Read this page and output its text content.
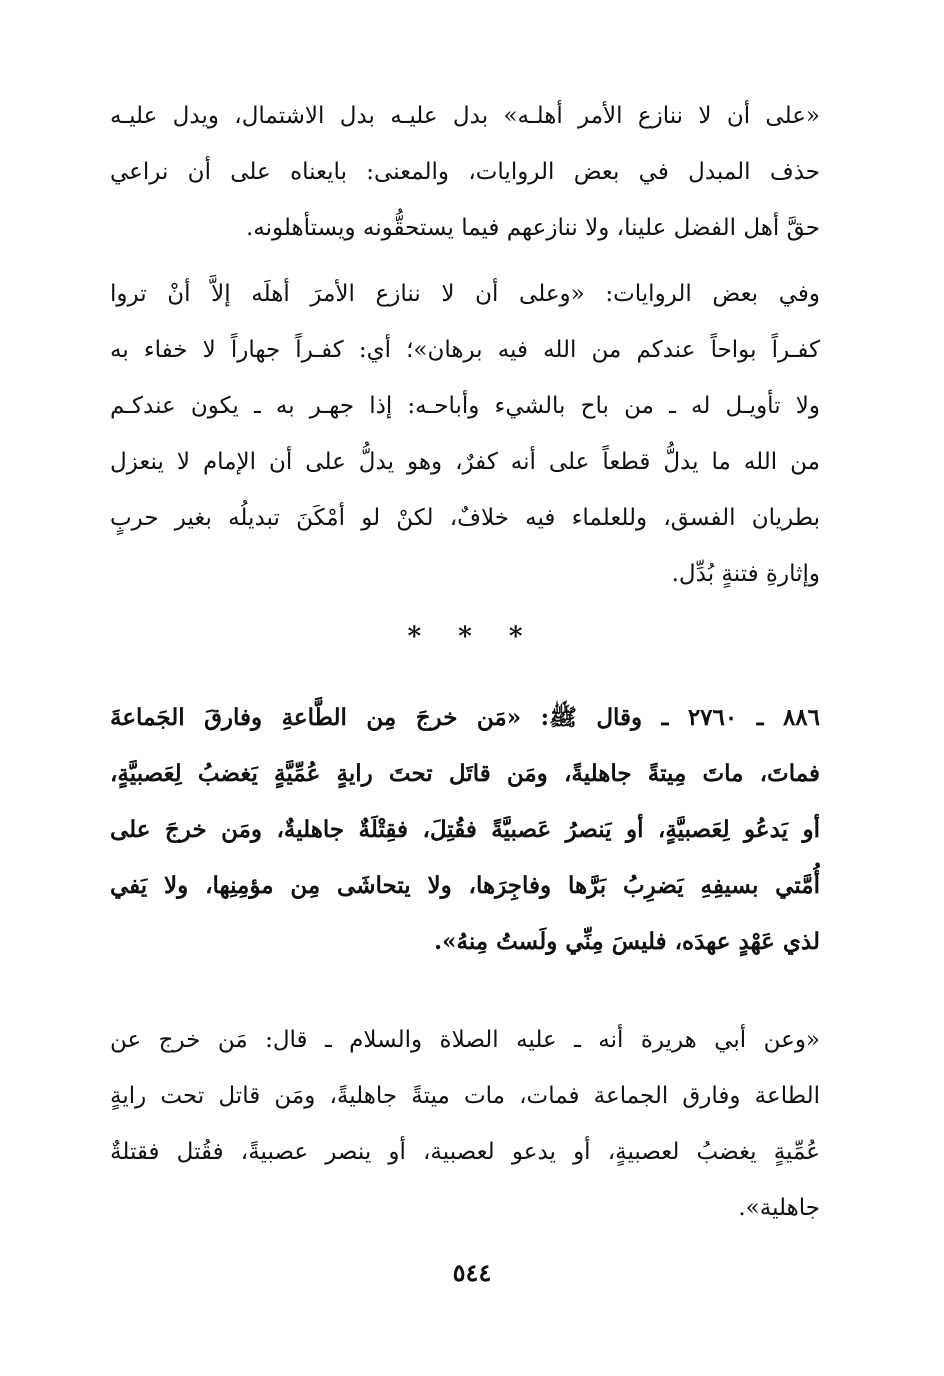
«على أن لا ننازع الأمر أهلـه» بدل عليـه بدل الاشتمال، ويدل عليـه
حذف المبدل في بعض الروايات، والمعنى: بايعناه على أن نراعي
حقَّ أهل الفضل علينا، ولا ننازعهم فيما يستحقُّونه ويستأهلونه.
وفي بعض الروايات: «وعلى أن لا ننازع الأمرَ أهلَه إلاَّ أنْ تروا
كفـراً بواحاً عندكم من الله فيه برهان»؛ أي: كفـراً جهاراً لا خفاء به
ولا تأويـل له ـ من باح بالشيء وأباحـه: إذا جهـر به ـ يكون عندكـم
من الله ما يدلُّ قطعاً على أنه كفرٌ، وهو يدلُّ على أن الإمام لا ينعزل
بطريان الفسق، وللعلماء فيه خلافٌ، لكنْ لو أمْكَنَ تبديلُه بغير حربٍ
وإثارةِ فتنةٍ بُدِّل.
* * *
٨٨٦ ـ ٢٧٦٠ ـ وقال ﷺ: «مَن خرجَ مِن الطَّاعةِ وفارقَ الجَماعةَ
فماتَ، ماتَ مِيتةً جاهليةً، ومَن قاتَل تحتَ رايةٍ عُمِّيَّةٍ يَغضبُ لِعَصبيَّةٍ،
أو يَدعُو لِعَصبيَّةٍ، أو يَنصرُ عَصبيَّةً فقُتِلَ، فقِتْلَةٌ جاهليةٌ، ومَن خرجَ على
أُمَّتي بسيفِهِ يَضرِبُ بَرَّها وفاجِرَها، ولا يتحاشَى مِن مؤمِنِها، ولا يَفي
لذي عَهْدٍ عهدَه، فليسَ مِنِّي ولَستُ مِنهُ».
«وعن أبي هريرة أنه ـ عليه الصلاة والسلام ـ قال: مَن خرج عن
الطاعة وفارق الجماعة فمات، مات ميتةً جاهليةً، ومَن قاتل تحت رايةٍ
عُمِّيةٍ يغضبُ لعصبيةٍ، أو يدعو لعصبية، أو ينصر عصبيةً، فقُتل فقتلةٌ
جاهلية».
٥٤٤
